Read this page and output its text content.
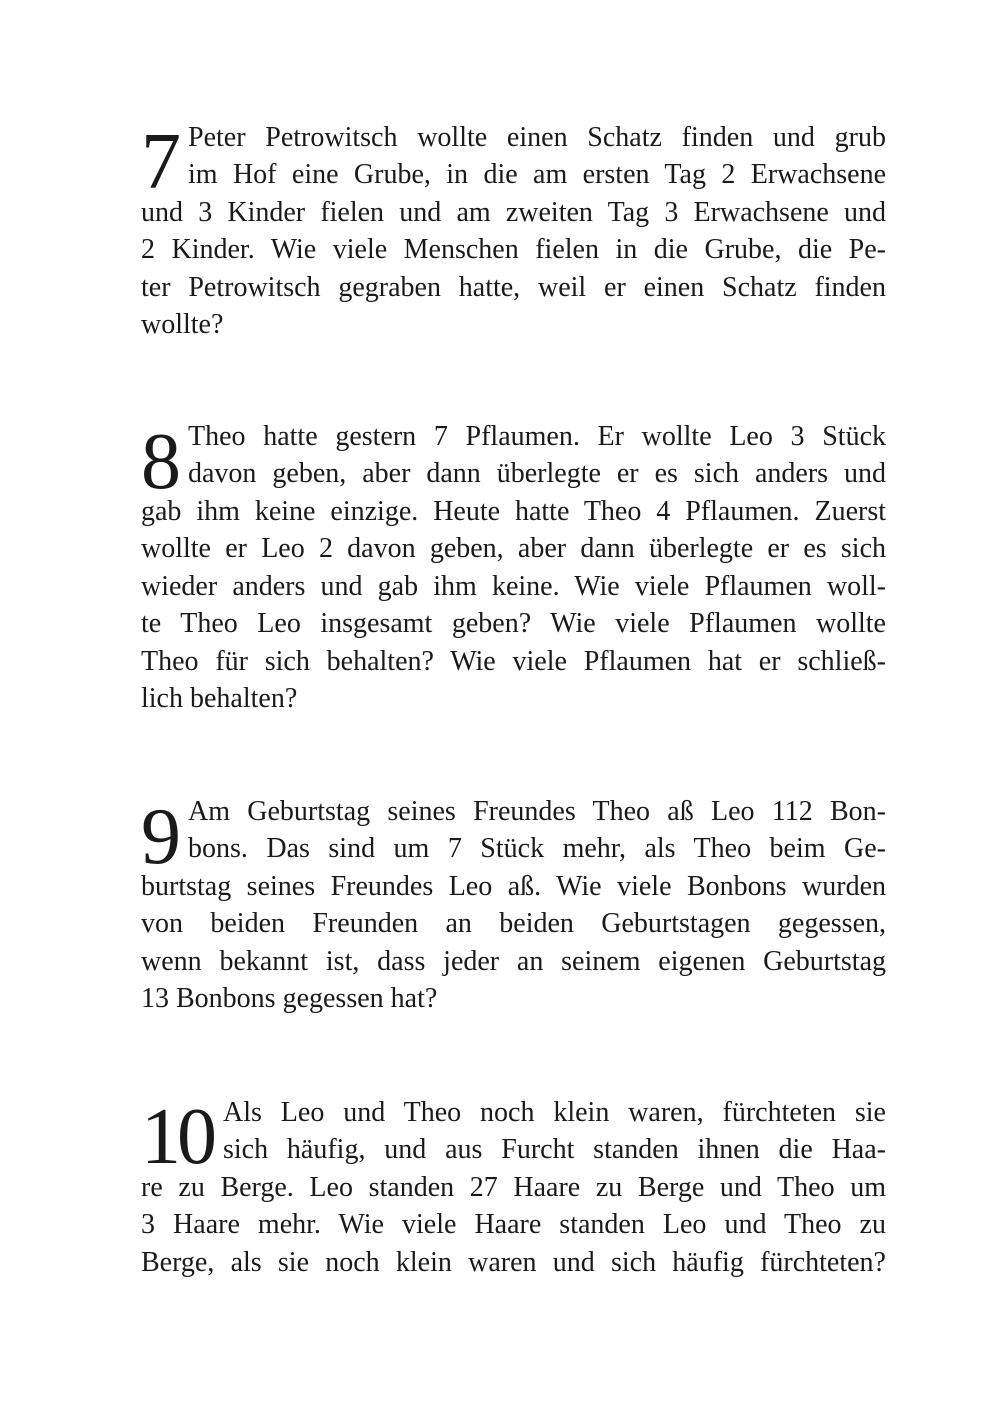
7 Peter Petrowitsch wollte einen Schatz finden und grub
im Hof eine Grube, in die am ersten Tag 2 Erwachsene
und 3 Kinder fielen und am zweiten Tag 3 Erwachsene und
2 Kinder. Wie viele Menschen fielen in die Grube, die Pe-
ter Petrowitsch gegraben hatte, weil er einen Schatz finden
wollte?
8 Theo hatte gestern 7 Pflaumen. Er wollte Leo 3 Stück
davon geben, aber dann überlegte er es sich anders und
gab ihm keine einzige. Heute hatte Theo 4 Pflaumen. Zuerst
wollte er Leo 2 davon geben, aber dann überlegte er es sich
wieder anders und gab ihm keine. Wie viele Pflaumen woll-
te Theo Leo insgesamt geben? Wie viele Pflaumen wollte
Theo für sich behalten? Wie viele Pflaumen hat er schließ-
lich behalten?
9 Am Geburtstag seines Freundes Theo aß Leo 112 Bon-
bons. Das sind um 7 Stück mehr, als Theo beim Ge-
burtstag seines Freundes Leo aß. Wie viele Bonbons wurden
von beiden Freunden an beiden Geburtstagen gegessen,
wenn bekannt ist, dass jeder an seinem eigenen Geburtstag
13 Bonbons gegessen hat?
10 Als Leo und Theo noch klein waren, fürchteten sie
sich häufig, und aus Furcht standen ihnen die Haa-
re zu Berge. Leo standen 27 Haare zu Berge und Theo um
3 Haare mehr. Wie viele Haare standen Leo und Theo zu
Berge, als sie noch klein waren und sich häufig fürchteten?
